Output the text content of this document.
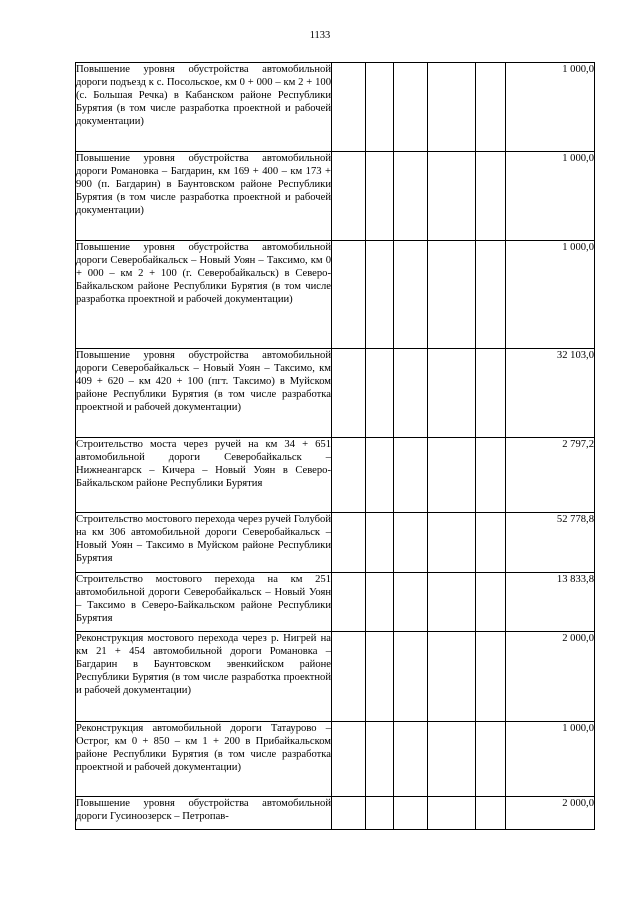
1133
Повышение уровня обустройства автомобильной дороги подъезд к с. Посольское, км 0 + 000 – км 2 + 100 (с. Большая Речка) в Кабанском районе Республики Бурятия (в том числе разработка проектной и рабочей документации)						1 000,0
Повышение уровня обустройства автомобильной дороги Романовка – Багдарин, км 169 + 400 – км 173 + 900 (п. Багдарин) в Баунтовском районе Республики Бурятия (в том числе разработка проектной и рабочей документации)						1 000,0
Повышение уровня обустройства автомобильной дороги Северобайкальск – Новый Уоян – Таксимо, км 0 + 000 – км 2 + 100 (г. Северобайкальск) в Северо-Байкальском районе Республики Бурятия (в том числе разработка проектной и рабочей документации)						1 000,0
Повышение уровня обустройства автомобильной дороги Северобайкальск – Новый Уоян – Таксимо, км 409 + 620 – км 420 + 100 (пгт. Таксимо) в Муйском районе Республики Бурятия (в том числе разработка проектной и рабочей документации)						32 103,0
Строительство моста через ручей на км 34 + 651 автомобильной дороги Северобайкальск – Нижнеангарск – Кичера – Новый Уоян в Северо-Байкальском районе Республики Бурятия						2 797,2
Строительство мостового перехода через ручей Голубой на км 306 автомобильной дороги Северобайкальск – Новый Уоян – Таксимо в Муйском районе Республики Бурятия						52 778,8
Строительство мостового перехода на км 251 автомобильной дороги Северобайкальск – Новый Уоян – Таксимо в Северо-Байкальском районе Республики Бурятия						13 833,8
Реконструкция мостового перехода через р. Нигрей на км 21 + 454 автомобильной дороги Романовка – Багдарин в Баунтовском эвенкийском районе Республики Бурятия (в том числе разработка проектной и рабочей документации)						2 000,0
Реконструкция автомобильной дороги Татаурово – Острог, км 0 + 850 – км 1 + 200 в Прибайкальском районе Республики Бурятия (в том числе разработка проектной и рабочей документации)						1 000,0
Повышение уровня обустройства автомобильной дороги Гусиноозерск – Петропав-						2 000,0
